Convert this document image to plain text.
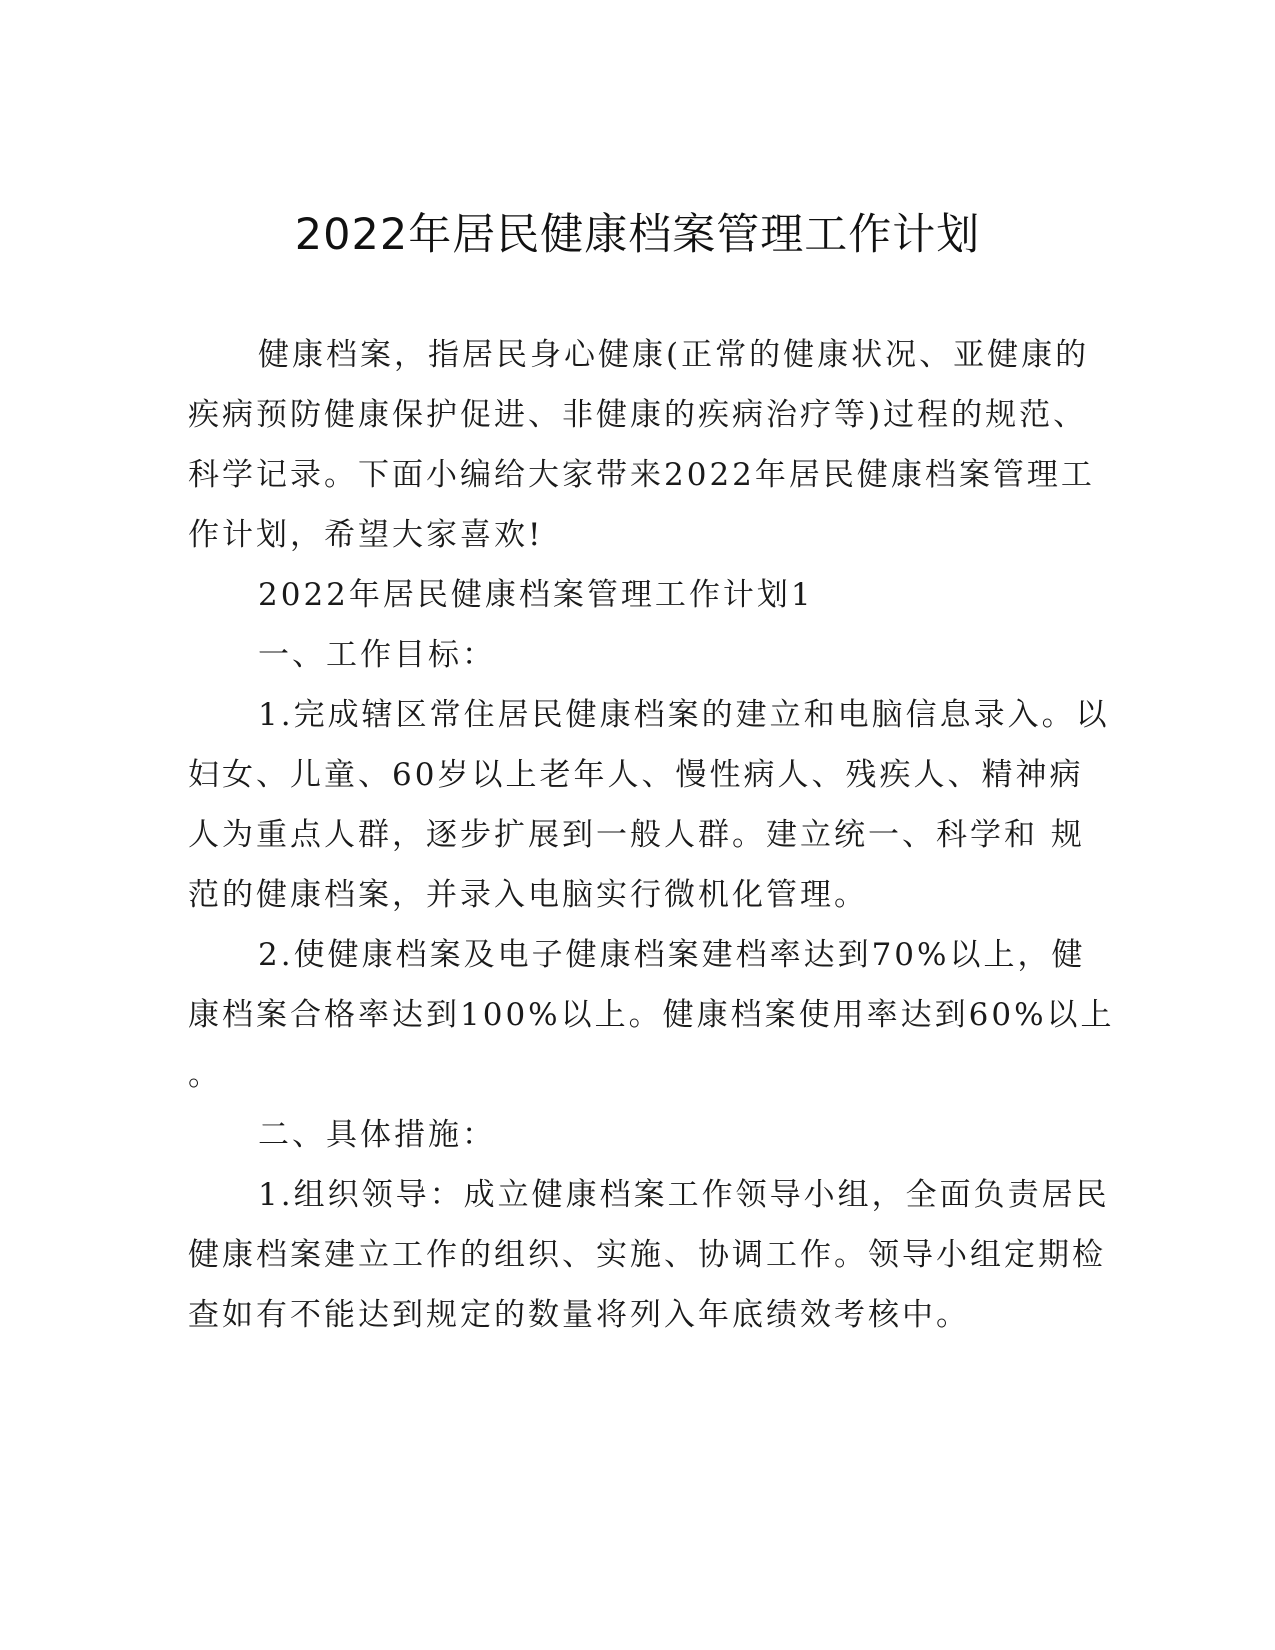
2022年居民健康档案管理工作计划
健康档案，指居民身心健康(正常的健康状况、亚健康的
疾病预防健康保护促进、非健康的疾病治疗等)过程的规范、
科学记录。下面小编给大家带来2022年居民健康档案管理工
作计划，希望大家喜欢!
2022年居民健康档案管理工作计划1
一、工作目标：
1.完成辖区常住居民健康档案的建立和电脑信息录入。以
妇女、儿童、60岁以上老年人、慢性病人、残疾人、精神病
人为重点人群，逐步扩展到一般人群。建立统一、科学和 规
范的健康档案，并录入电脑实行微机化管理。
2.使健康档案及电子健康档案建档率达到70%以上，健
康档案合格率达到100%以上。健康档案使用率达到60%以上
。
二、具体措施：
1.组织领导：成立健康档案工作领导小组，全面负责居民
健康档案建立工作的组织、实施、协调工作。领导小组定期检
查如有不能达到规定的数量将列入年底绩效考核中。
